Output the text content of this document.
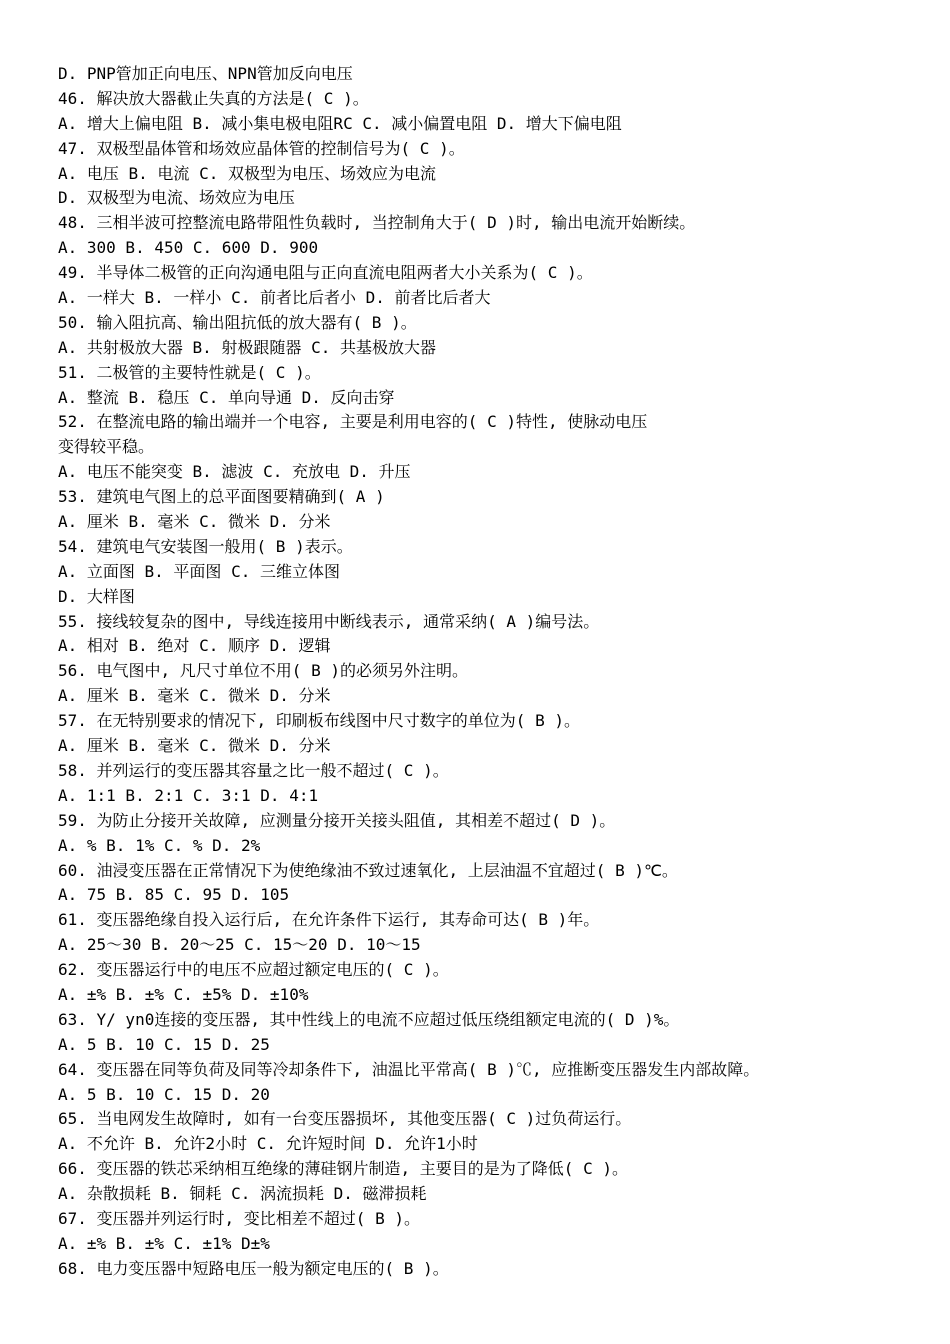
D. PNP管加正向电压、NPN管加反向电压
46. 解决放大器截止失真的方法是( C )。
A. 增大上偏电阻 B. 减小集电极电阻RC C. 减小偏置电阻 D. 增大下偏电阻
47. 双极型晶体管和场效应晶体管的控制信号为( C )。
A. 电压 B. 电流 C. 双极型为电压、场效应为电流
D. 双极型为电流、场效应为电压
48. 三相半波可控整流电路带阻性负载时, 当控制角大于( D )时, 输出电流开始断续。
A. 300 B. 450 C. 600 D. 900
49. 半导体二极管的正向沟通电阻与正向直流电阻两者大小关系为( C )。
A. 一样大 B. 一样小 C. 前者比后者小 D. 前者比后者大
50. 输入阻抗高、输出阻抗低的放大器有( B )。
A. 共射极放大器 B. 射极跟随器 C. 共基极放大器
51. 二极管的主要特性就是( C )。
A. 整流 B. 稳压 C. 单向导通 D. 反向击穿
52. 在整流电路的输出端并一个电容, 主要是利用电容的( C )特性, 使脉动电压
变得较平稳。
A. 电压不能突变 B. 滤波 C. 充放电 D. 升压
53. 建筑电气图上的总平面图要精确到( A )
A. 厘米 B. 毫米 C. 微米 D. 分米
54. 建筑电气安装图一般用( B )表示。
A. 立面图 B. 平面图 C. 三维立体图
D. 大样图
55. 接线较复杂的图中, 导线连接用中断线表示, 通常采纳( A )编号法。
A. 相对 B. 绝对 C. 顺序 D. 逻辑
56. 电气图中, 凡尺寸单位不用( B )的必须另外注明。
A. 厘米 B. 毫米 C. 微米 D. 分米
57. 在无特别要求的情况下, 印刷板布线图中尺寸数字的单位为( B )。
A. 厘米 B. 毫米 C. 微米 D. 分米
58. 并列运行的变压器其容量之比一般不超过( C )。
A. 1:1 B. 2:1 C. 3:1 D. 4:1
59. 为防止分接开关故障, 应测量分接开关接头阻值, 其相差不超过( D )。
A. % B. 1% C. % D. 2%
60. 油浸变压器在正常情况下为使绝缘油不致过速氧化, 上层油温不宜超过( B )℃。
A. 75 B. 85 C. 95 D. 105
61. 变压器绝缘自投入运行后, 在允许条件下运行, 其寿命可达( B )年。
A. 25～30 B. 20～25 C. 15～20 D. 10～15
62. 变压器运行中的电压不应超过额定电压的( C )。
A. ±% B. ±% C. ±5% D. ±10%
63. Y/ yn0连接的变压器, 其中性线上的电流不应超过低压绕组额定电流的( D )%。
A. 5 B. 10 C. 15 D. 25
64. 变压器在同等负荷及同等冷却条件下, 油温比平常高( B )℃, 应推断变压器发生内部故障。
A. 5 B. 10 C. 15 D. 20
65. 当电网发生故障时, 如有一台变压器损坏, 其他变压器( C )过负荷运行。
A. 不允许 B. 允许2小时 C. 允许短时间 D. 允许1小时
66. 变压器的铁芯采纳相互绝缘的薄硅钢片制造, 主要目的是为了降低( C )。
A. 杂散损耗 B. 铜耗 C. 涡流损耗 D. 磁滞损耗
67. 变压器并列运行时, 变比相差不超过( B )。
A. ±% B. ±% C. ±1% D±%
68. 电力变压器中短路电压一般为额定电压的( B )。
